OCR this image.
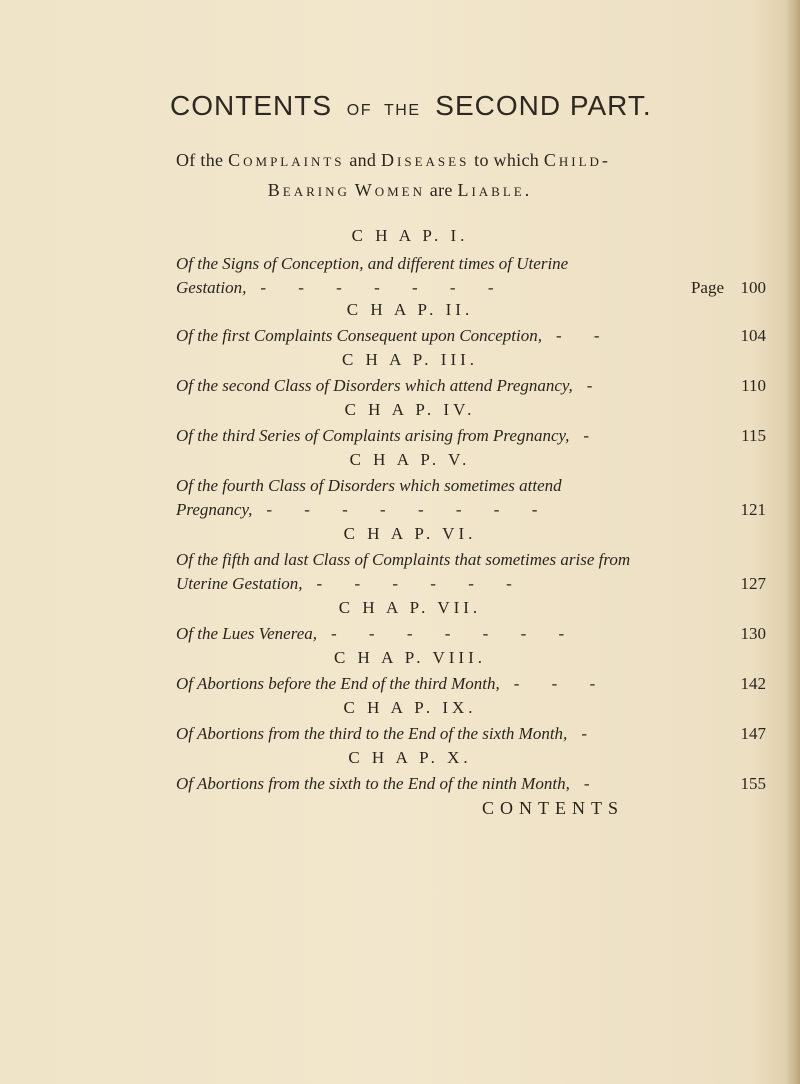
CONTENTS OF THE SECOND PART.
Of the Complaints and Diseases to which Child-
Bearing Women are Liable.
C H A P. I.
Of the Signs of Conception, and different times of Uterine
Gestation, - - - - - - -	Page 100
C H A P. II.
Of the first Complaints Consequent upon Conception, - -	104
C H A P. III.
Of the second Class of Disorders which attend Pregnancy, -	110
C H A P. IV.
Of the third Series of Complaints arising from Pregnancy, -	115
C H A P. V.
Of the fourth Class of Disorders which sometimes attend
Pregnancy, - - - - - - - -	121
C H A P. VI.
Of the fifth and last Class of Complaints that sometimes arise from
Uterine Gestation, - - - - - -	127
C H A P. VII.
Of the Lues Venerea, - - - - - - -	130
C H A P. VIII.
Of Abortions before the End of the third Month, - - -	142
C H A P. IX.
Of Abortions from the third to the End of the sixth Month, -	147
C H A P. X.
Of Abortions from the sixth to the End of the ninth Month, -	155
CONTENTS
